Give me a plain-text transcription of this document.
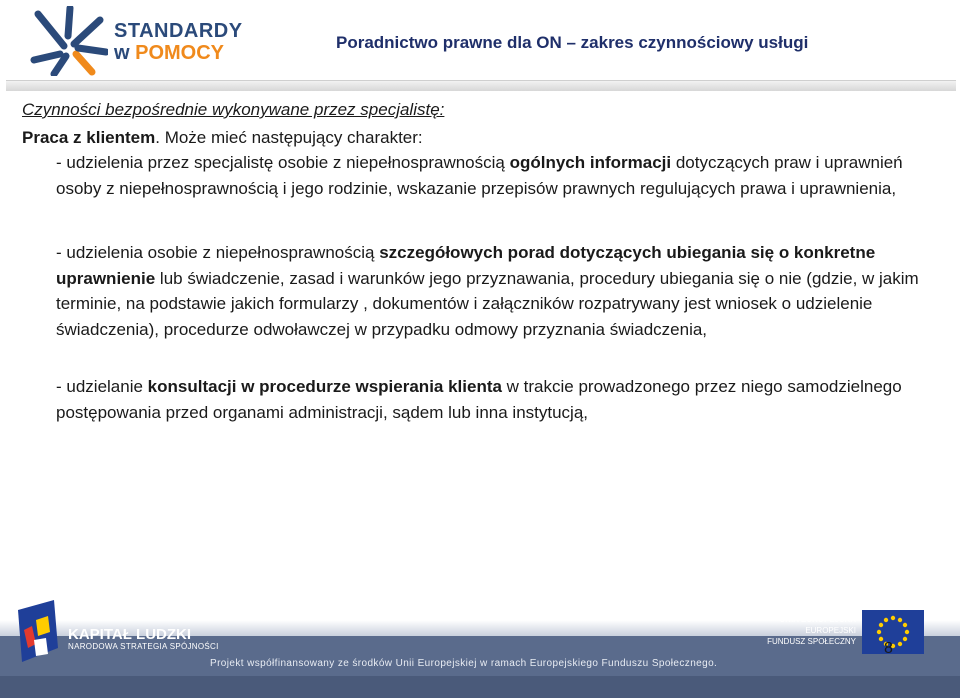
STANDARDY
w POMOCY	Poradnictwo prawne dla ON – zakres czynnościowy usługi

Czynności bezpośrednie wykonywane przez specjalistę:

Praca z klientem. Może mieć następujący charakter:

- udzielenia przez specjalistę osobie z niepełnosprawnością ogólnych informacji dotyczących praw i uprawnień osoby z niepełnosprawnością i jego rodzinie, wskazanie przepisów prawnych regulujących prawa i uprawnienia,

- udzielenia osobie z niepełnosprawnością szczegółowych porad dotyczących ubiegania się o konkretne uprawnienie lub świadczenie, zasad i warunków jego przyznawania, procedury ubiegania się o nie (gdzie, w jakim terminie, na podstawie jakich formularzy , dokumentów i załączników rozpatrywany jest wniosek o udzielenie świadczenia), procedurze odwoławczej w przypadku odmowy przyznania świadczenia,

- udzielanie konsultacji w procedurze wspierania klienta w trakcie prowadzonego przez niego samodzielnego postępowania przed organami administracji, sądem lub inna instytucją,

KAPITAŁ LUDZKI
NARODOWA STRATEGIA SPÓJNOŚCI
Projekt współfinansowany ze środków Unii Europejskiej w ramach Europejskiego Funduszu Społecznego.
UNIA EUROPEJSKA
EUROPEJSKI
FUNDUSZ SPOŁECZNY 8
